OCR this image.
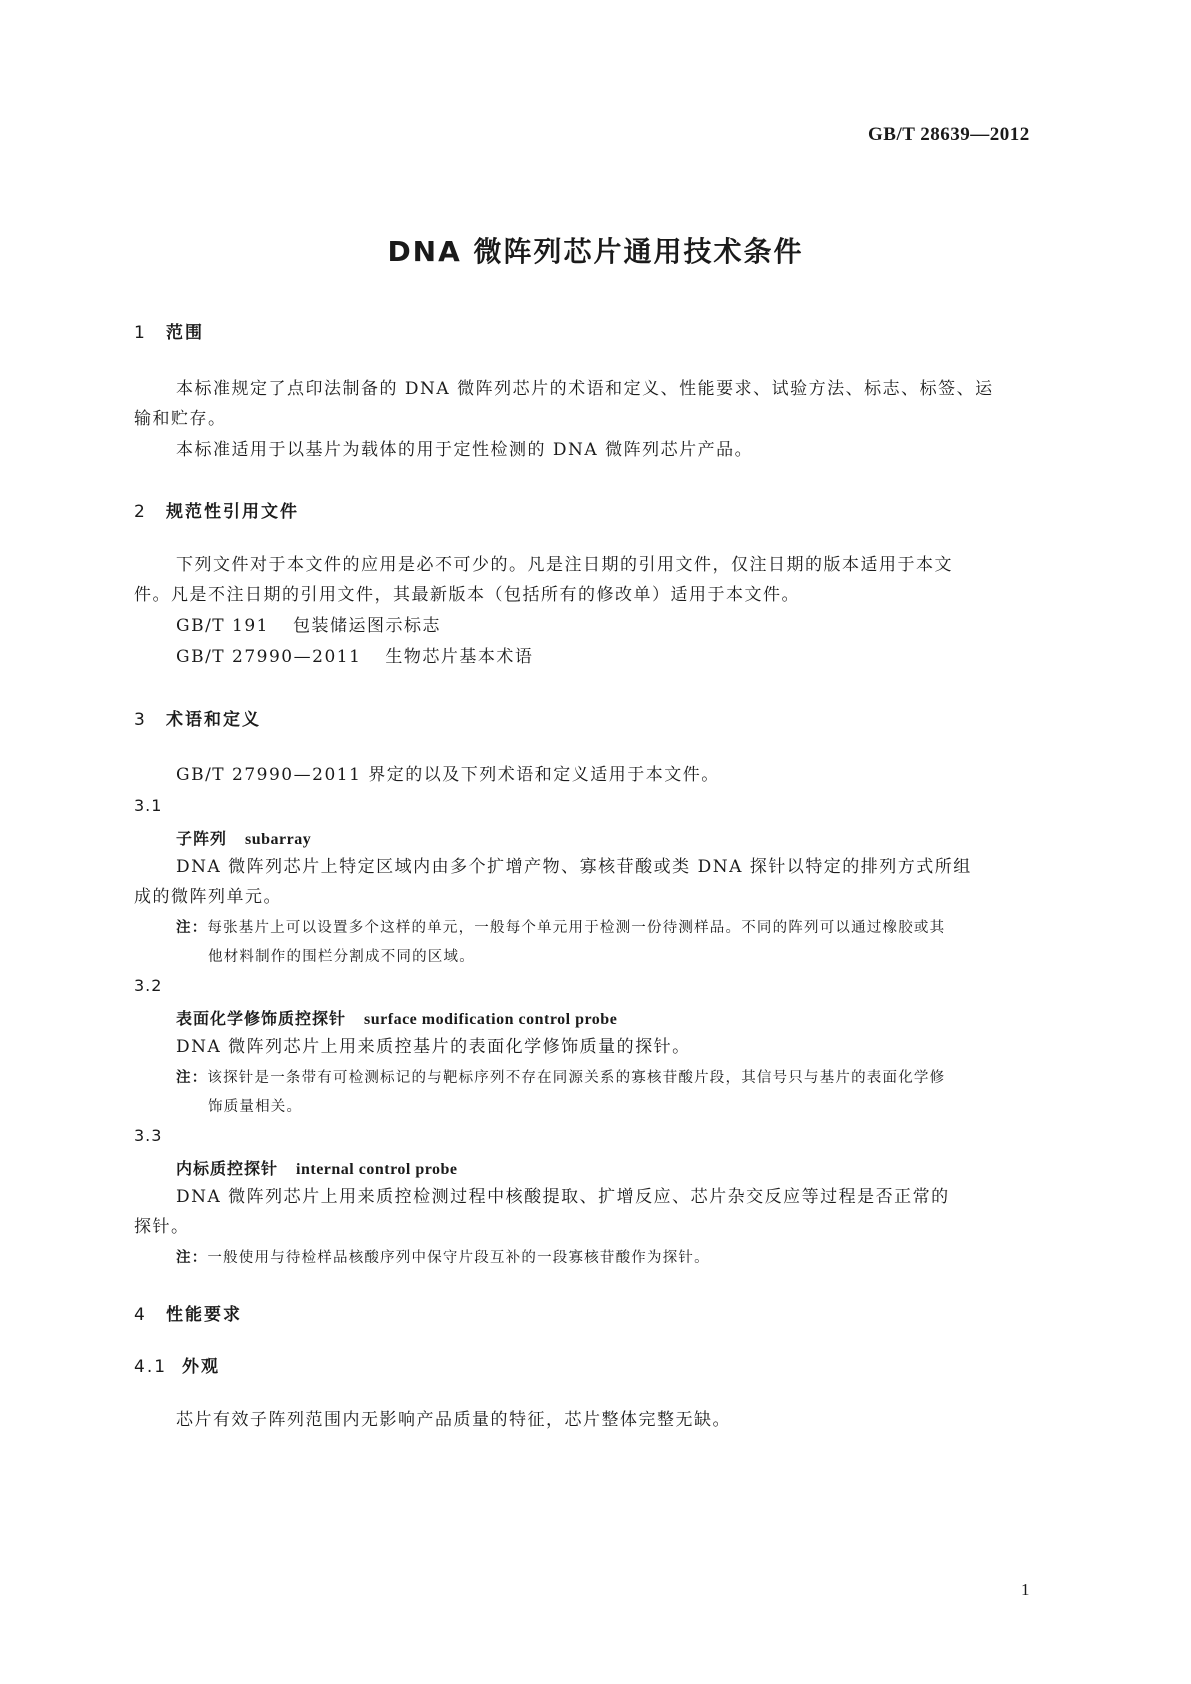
GB/T 28639—2012
DNA 微阵列芯片通用技术条件
1 范围
本标准规定了点印法制备的 DNA 微阵列芯片的术语和定义、性能要求、试验方法、标志、标签、运
输和贮存。
本标准适用于以基片为载体的用于定性检测的 DNA 微阵列芯片产品。
2 规范性引用文件
下列文件对于本文件的应用是必不可少的。凡是注日期的引用文件，仅注日期的版本适用于本文
件。凡是不注日期的引用文件，其最新版本（包括所有的修改单）适用于本文件。
GB/T 191 包装储运图示标志
GB/T 27990—2011 生物芯片基本术语
3 术语和定义
GB/T 27990—2011 界定的以及下列术语和定义适用于本文件。
3.1
子阵列 subarray
DNA 微阵列芯片上特定区域内由多个扩增产物、寡核苷酸或类 DNA 探针以特定的排列方式所组
成的微阵列单元。
注：每张基片上可以设置多个这样的单元，一般每个单元用于检测一份待测样品。不同的阵列可以通过橡胶或其
他材料制作的围栏分割成不同的区域。
3.2
表面化学修饰质控探针 surface modification control probe
DNA 微阵列芯片上用来质控基片的表面化学修饰质量的探针。
注：该探针是一条带有可检测标记的与靶标序列不存在同源关系的寡核苷酸片段，其信号只与基片的表面化学修
饰质量相关。
3.3
内标质控探针 internal control probe
DNA 微阵列芯片上用来质控检测过程中核酸提取、扩增反应、芯片杂交反应等过程是否正常的
探针。
注：一般使用与待检样品核酸序列中保守片段互补的一段寡核苷酸作为探针。
4 性能要求
4.1 外观
芯片有效子阵列范围内无影响产品质量的特征，芯片整体完整无缺。
1
